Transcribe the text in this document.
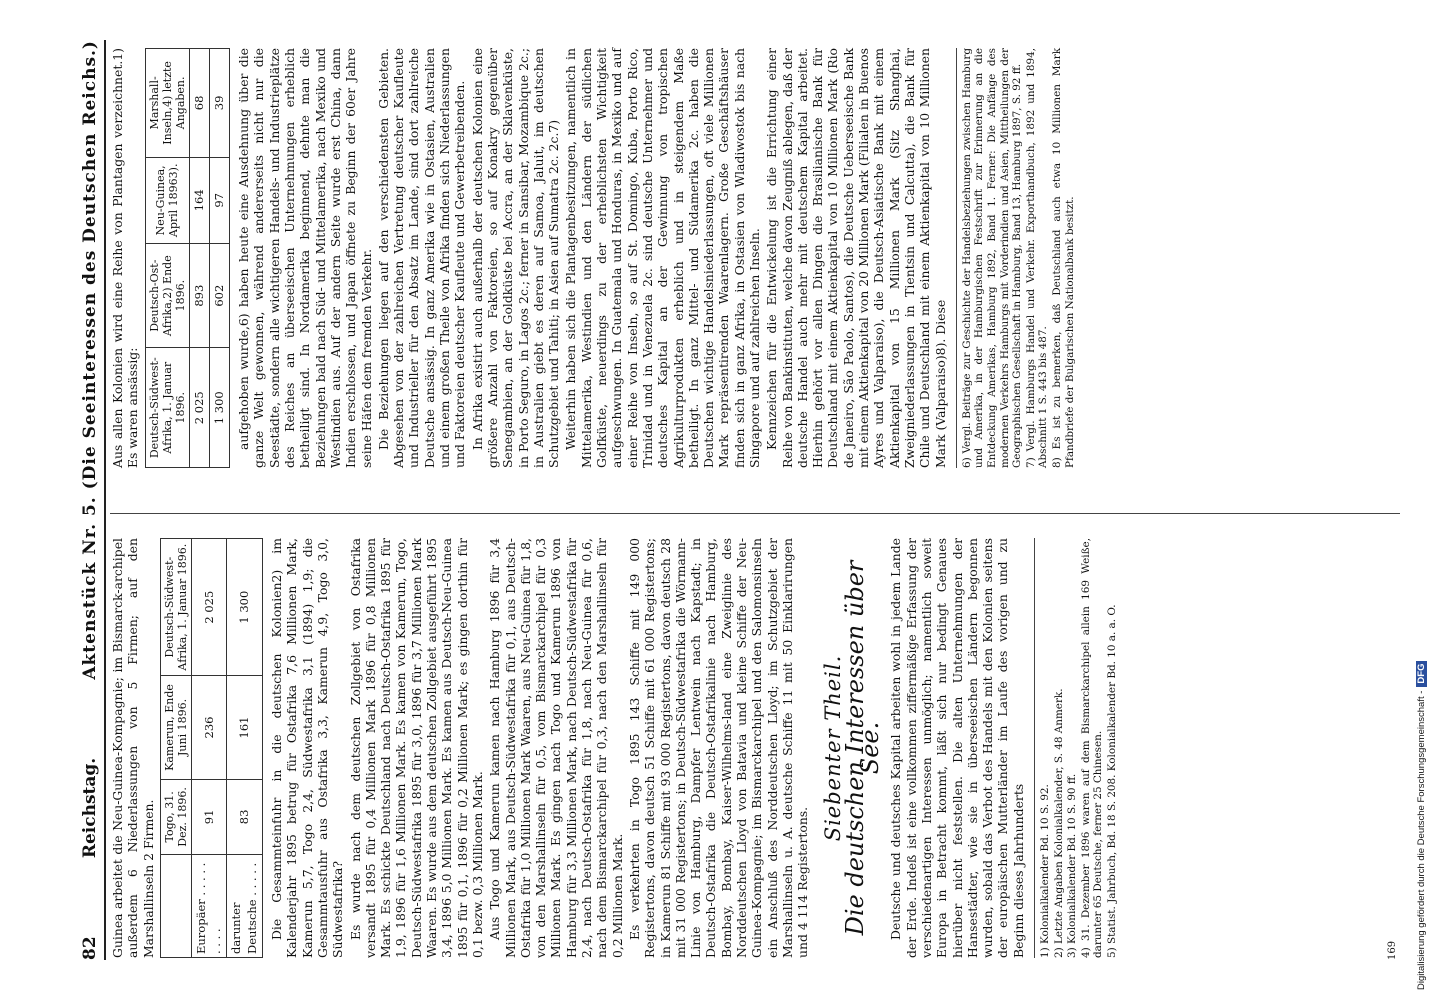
82
Reichstag.
Aktenstück Nr. 5. (Die Seeinteressen des Deutschen Reichs.)

Guinea arbeitet die Neu-Guinea-Kompagnie; im Bismarck-archipel außerdem 6 Niederlassungen von 5 Firmen; auf den Marshallinseln 2 Firmen.

	Togo, 31. Dez. 1896.	Kamerun, Ende Juni 1896.	Deutsch-Südwest-Afrika, 1. Januar 1896.
Europäer . . . . . . . . .	91	236	2 025
darunter Deutsche . . . . .	83	161	1 300 Die Gesammteinfuhr in die deutschen Kolonien2) im Kalenderjahr 1895 betrug für Ostafrika 7,6 Millionen Mark, Kamerun 5,7, Togo 2,4, Südwestafrika 3,1 (1894) 1,9; die Gesammtausfuhr aus Ostafrika 3,3, Kamerun 4,9, Togo 3,0, Südwestafrika? Es wurde nach dem deutschen Zollgebiet von Ostafrika versandt 1895 für 0,4 Millionen Mark 1896 für 0,8 Millionen Mark. Es schickte Deutschland nach Deutsch-Ostafrika 1895 für 1,9, 1896 für 1,6 Millionen Mark. Es kamen von Kamerun, Togo, Deutsch-Südwestafrika 1895 für 3,0, 1896 für 3,7 Millionen Mark Waaren. Es wurde aus dem deutschen Zollgebiet ausgeführt 1895 3,4, 1896 5,0 Millionen Mark. Es kamen aus Deutsch-Neu-Guinea 1895 für 0,1, 1896 für 0,2 Millionen Mark; es gingen dorthin für 0,1 bezw. 0,3 Millionen Mark. Aus Togo und Kamerun kamen nach Hamburg 1896 für 3,4 Millionen Mark, aus Deutsch-Südwestafrika für 0,1, aus Deutsch-Ostafrika für 1,0 Millionen Mark Waaren, aus Neu-Guinea für 1,8, von den Marshallinseln für 0,5, vom Bismarckarchipel für 0,3 Millionen Mark. Es gingen nach Togo und Kamerun 1896 von Hamburg für 3,3 Millionen Mark, nach Deutsch-Südwestafrika für 2,4, nach Deutsch-Ostafrika für 1,8, nach Neu-Guinea für 0,6, nach dem Bismarckarchipel für 0,3, nach den Marshallinseln für 0,2 Millionen Mark. Es verkehrten in Togo 1895 143 Schiffe mit 149 000 Registertons, davon deutsch 51 Schiffe mit 61 000 Registertons; in Kamerun 81 Schiffe mit 93 000 Registertons, davon deutsch 28 mit 31 000 Registertons; in Deutsch-Südwestafrika die Wörmann-Linie von Hamburg, Dampfer Lentwein nach Kapstadt; in Deutsch-Ostafrika die Deutsch-Ostafrikalinie nach Hamburg, Bombay, Bombay, Kaiser-Wilhelms-land eine Zweiglinie des Norddeutschen Lloyd von Batavia und kleine Schiffe der Neu-Guinea-Kompagnie; im Bismarckarchipel und den Salomonsinseln ein Anschluß des Norddeutschen Lloyd; im Schutzgebiet der Marshallinseln u. A. deutsche Schiffe 11 mit 50 Einklarirungen und 4 114 Registertons.

Siebenter Theil.
Die deutschen Interessen über See. Deutsche und deutsches Kapital arbeiten wohl in jedem Lande der Erde. Indeß ist eine vollkommen ziffermäßige Erfassung der verschiedenartigen Interessen unmöglich; namentlich soweit Europa in Betracht kommt, läßt sich nur bedingt Genaues hierüber nicht feststellen. Die alten Unternehmungen der Hansestädter, wie sie in überseeischen Ländern begonnen wurden, sobald das Verbot des Handels mit den Kolonien seitens der europäischen Mutterländer im Laufe des vorigen und zu Beginn dieses Jahrhunderts 1) Kolonialkalender Bd. 10 S. 92. 2) Letzte Angaben Kolonialkalender, S. 48 Anmerk. 3) Kolonialkalender Bd. 10 S. 90 ff. 4) 31. Dezember 1896 waren auf dem Bismarckarchipel allein 169 Weiße, darunter 65 Deutsche, ferner 25 Chinesen. 5) Statist. Jahrbuch, Bd. 18 S. 208. Kolonialkalender Bd. 10 a. a. O.

Aus allen Kolonien wird eine Reihe von Plantagen verzeichnet.1) Es waren ansässig: Deutsch-Südwest-Afrika, 1. Januar 1896.	Deutsch-Ost-Afrika,2) Ende 1896.	Neu-Guinea, April 18963).	Marshall-Inseln,4) letzte Angaben.
2 025	893	164	68
1 300	602	97	39 aufgehoben wurde,6) haben heute eine Ausdehnung über die ganze Welt gewonnen, während andererseits nicht nur die Seestädte, sondern alle wichtigeren Handels- und Industrieplätze des Reiches an überseeischen Unternehmungen erheblich betheiligt sind. In Nordamerika beginnend, dehnte man die Beziehungen bald nach Süd- und Mittelamerika, nach Mexiko und Westindien aus. Auf der andern Seite wurde erst China, dann Indien erschlossen, und Japan öffnete zu Beginn der 60er Jahre seine Häfen dem fremden Verkehr. Die Beziehungen liegen auf den verschiedensten Gebieten. Abgesehen von der zahlreichen Vertretung deutscher Kaufleute und Industrieller für den Absatz im Lande, sind dort zahlreiche Deutsche ansässig. In ganz Amerika wie in Ostasien, Australien und einem großen Theile von Afrika finden sich Niederlassungen und Faktoreien deutscher Kaufleute und Gewerbetreibenden. In Afrika existirt auch außerhalb der deutschen Kolonien eine größere Anzahl von Faktoreien, so auf Konakry gegenüber Senegambien, an der Goldküste bei Accra, an der Sklavenküste, in Porto Seguro, in Lagos 2c.; ferner in Sansibar, Mozambique 2c.; in Australien giebt es deren auf Samoa, Jaluit, im deutschen Schutzgebiet und Tahiti; in Asien auf Sumatra 2c. 2c.7) Weiterhin haben sich die Plantagenbesitzungen, namentlich in Mittelamerika, Westindien und den Ländern der südlichen Golfküste, neuerdings zu der erheblichsten Wichtigkeit aufgeschwungen. In Guatemala und Honduras, in Mexiko und auf einer Reihe von Inseln, so auf St. Domingo, Kuba, Porto Rico, Trinidad und in Venezuela 2c. sind deutsche Unternehmer und deutsches Kapital an der Gewinnung von tropischen Agrikulturprodukten erheblich und in steigendem Maße betheiligt. In ganz Mittel- und Südamerika 2c. haben die Deutschen wichtige Handelsniederlassungen, oft viele Millionen Mark repräsentirenden Waarenlagern. Große Geschäftshäuser finden sich in ganz Afrika, in Ostasien von Wladiwostok bis nach Singapore und auf zahlreichen Inseln. Kennzeichen für die Entwickelung ist die Errichtung einer Reihe von Bankinstituten, welche davon Zeugniß ablegen, daß der deutsche Handel auch mehr mit deutschem Kapital arbeitet. Hierhin gehört vor allen Dingen die Brasilianische Bank für Deutschland mit einem Aktienkapital von 10 Millionen Mark (Rio de Janeiro, São Paolo, Santos), die Deutsche Ueberseeische Bank mit einem Aktienkapital von 20 Millionen Mark (Filialen in Buenos Ayres und Valparaiso), die Deutsch-Asiatische Bank mit einem Aktienkapital von 15 Millionen Mark (Sitz Shanghai, Zweigniederlassungen in Tientsin und Calcutta), die Bank für Chile und Deutschland mit einem Aktienkapital von 10 Millionen Mark (Valparaiso)8). Diese 6) Vergl. Beiträge zur Geschichte der Handelsbeziehungen zwischen Hamburg und Amerika, in der Hamburgischen Festschrift zur Erinnerung an die Entdeckung Amerikas, Hamburg 1892, Band 1. Ferner: Die Anfänge des modernen Verkehrs Hamburgs mit Vorderindien und Asien, Mittheilungen der Geographischen Gesellschaft in Hamburg, Band 13, Hamburg 1897, S. 92 ff. 7) Vergl. Hamburgs Handel und Verkehr. Exporthandbuch, 1892 und 1894, Abschnitt 1 S. 443 bis 487. 8) Es ist zu bemerken, daß Deutschland auch etwa 10 Millionen Mark Pfandbriefe der Bulgarischen Nationalbank besitzt.
169 Digitalisierung gefördert durch die Deutsche Forschungsgemeinschaft -DFG
